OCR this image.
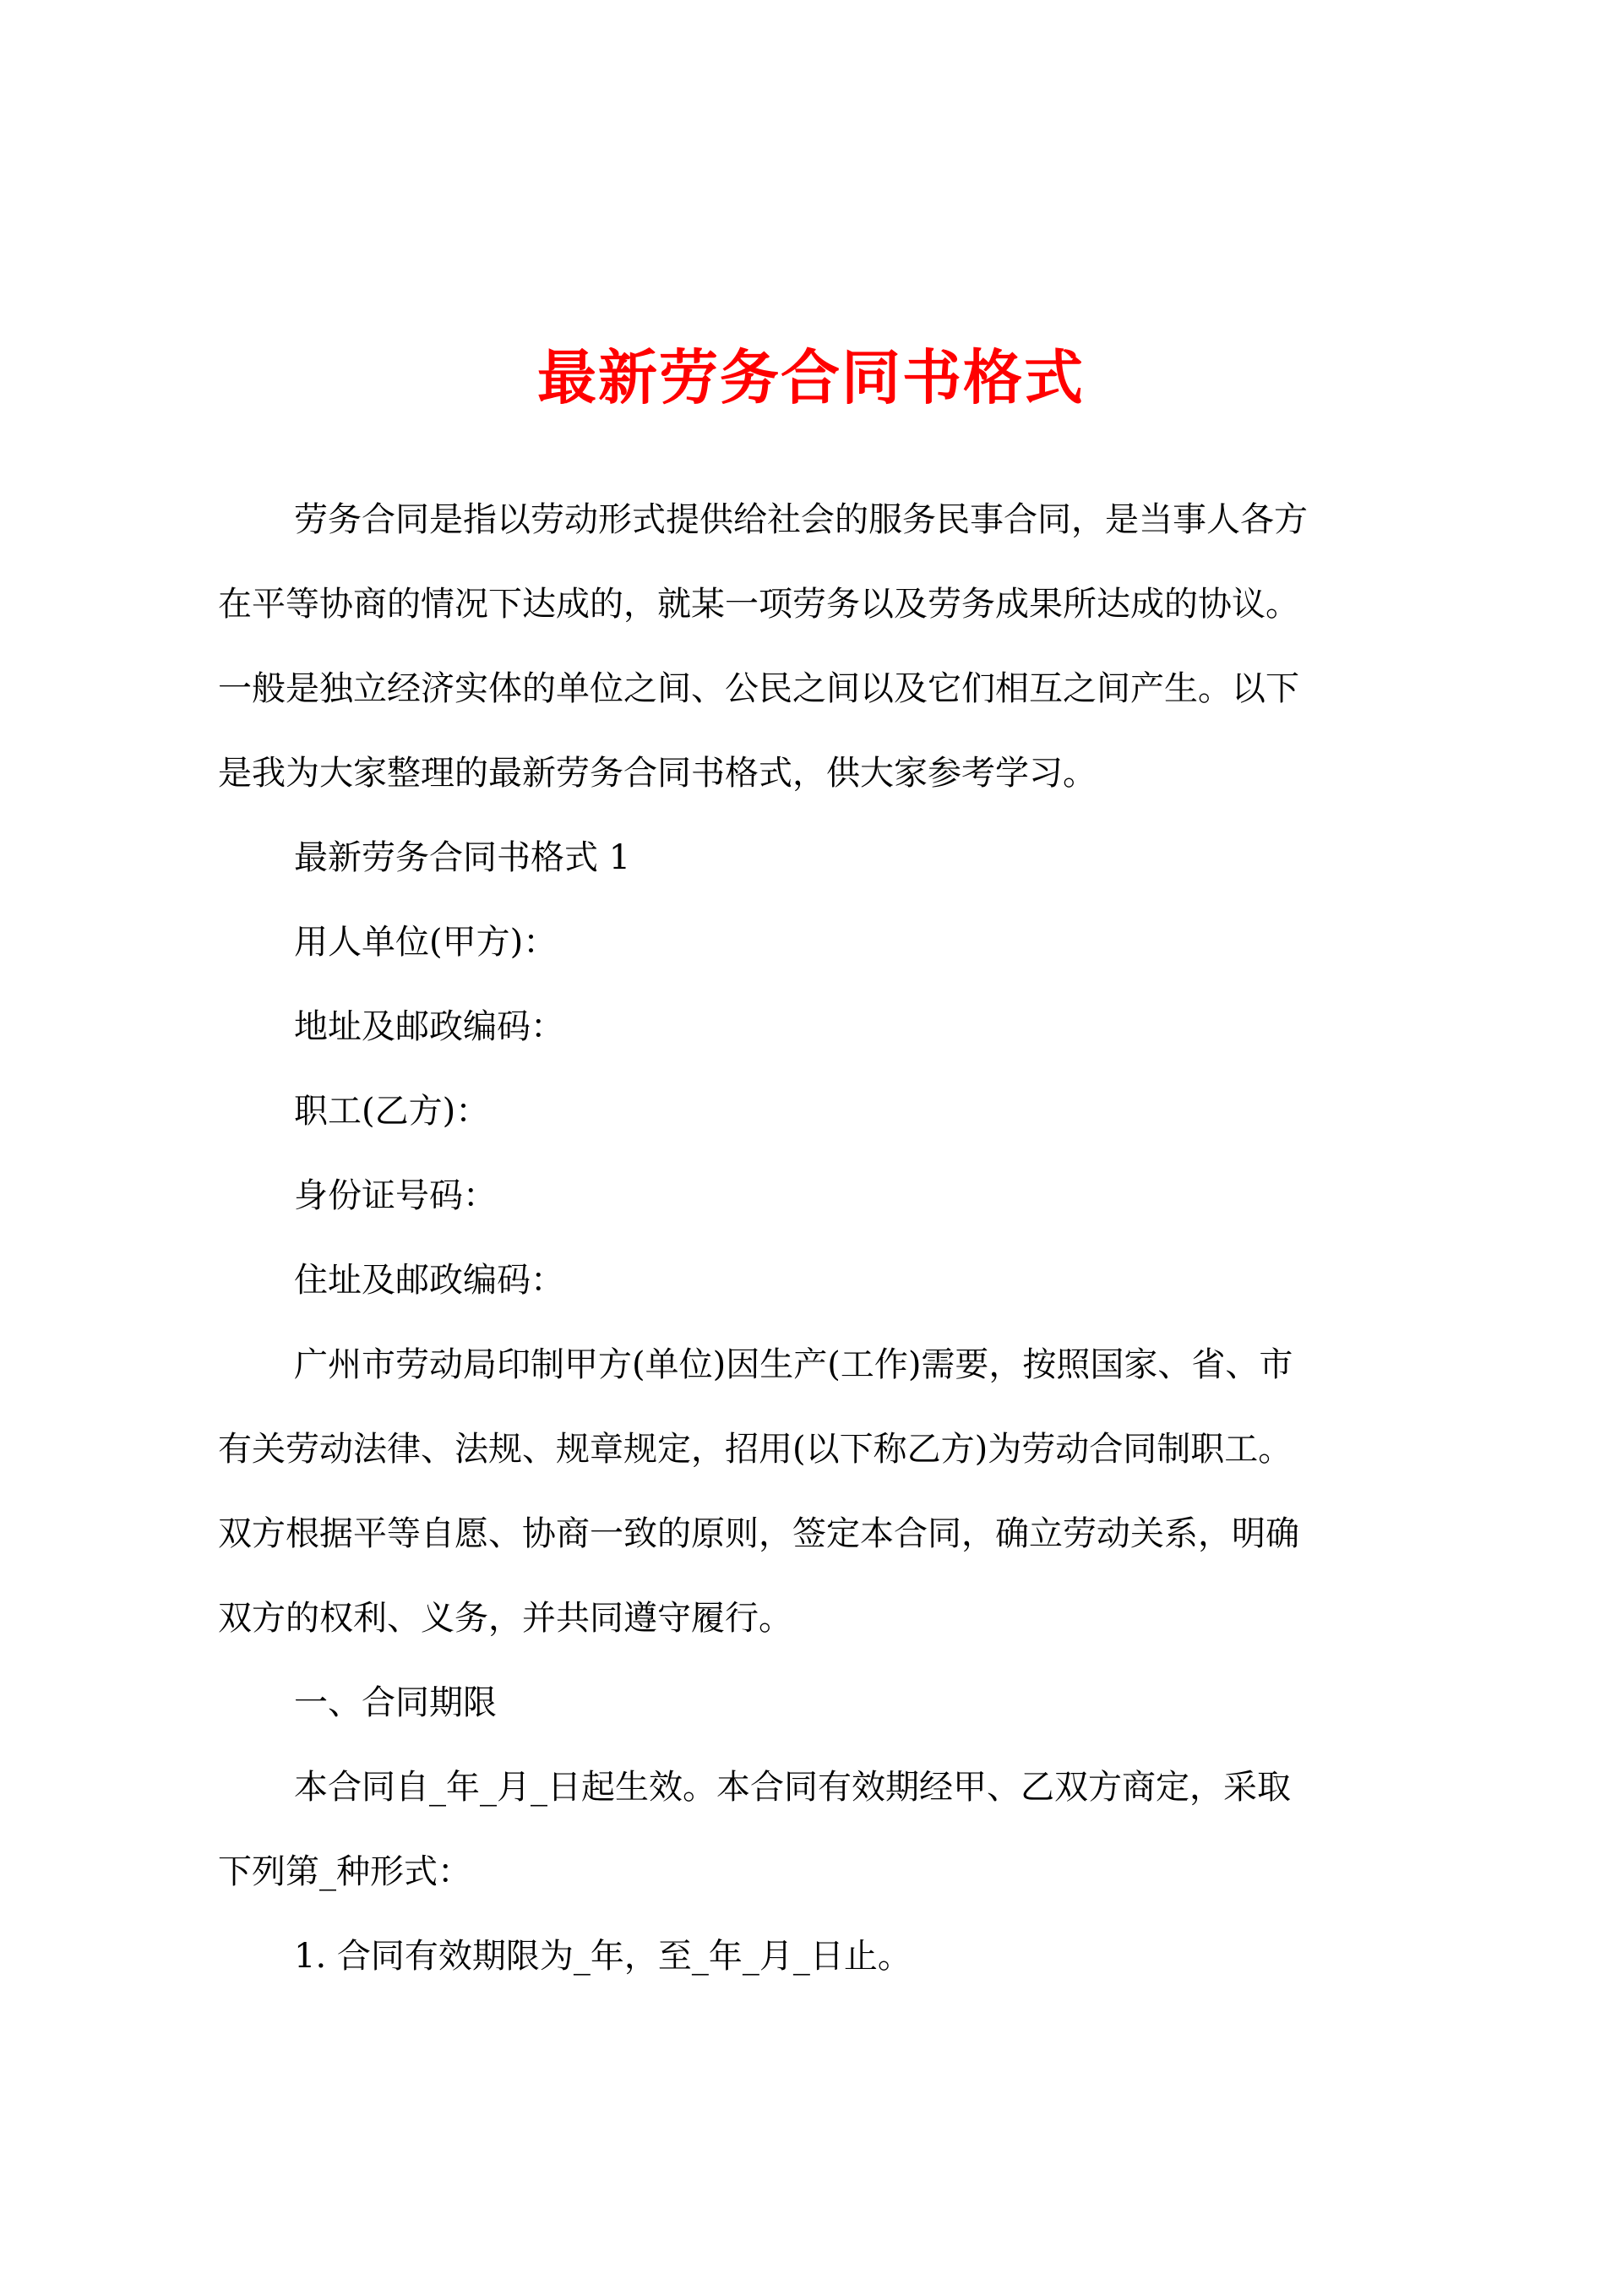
最新劳务合同书格式

劳务合同是指以劳动形式提供给社会的服务民事合同，是当事人各方

在平等协商的情况下达成的，就某一项劳务以及劳务成果所达成的协议。

一般是独立经济实体的单位之间、公民之间以及它们相互之间产生。以下

是我为大家整理的最新劳务合同书格式，供大家参考学习。

最新劳务合同书格式 1

用人单位(甲方)：

地址及邮政编码：

职工(乙方)：

身份证号码：

住址及邮政编码：

广州市劳动局印制甲方(单位)因生产(工作)需要，按照国家、省、市

有关劳动法律、法规、规章规定，招用(以下称乙方)为劳动合同制职工。

双方根据平等自愿、协商一致的原则，签定本合同，确立劳动关系，明确

双方的权利、义务，并共同遵守履行。

一、合同期限

本合同自_年_月_日起生效。本合同有效期经甲、乙双方商定，采取

下列第_种形式：

1. 合同有效期限为_年，至_年_月_日止。
